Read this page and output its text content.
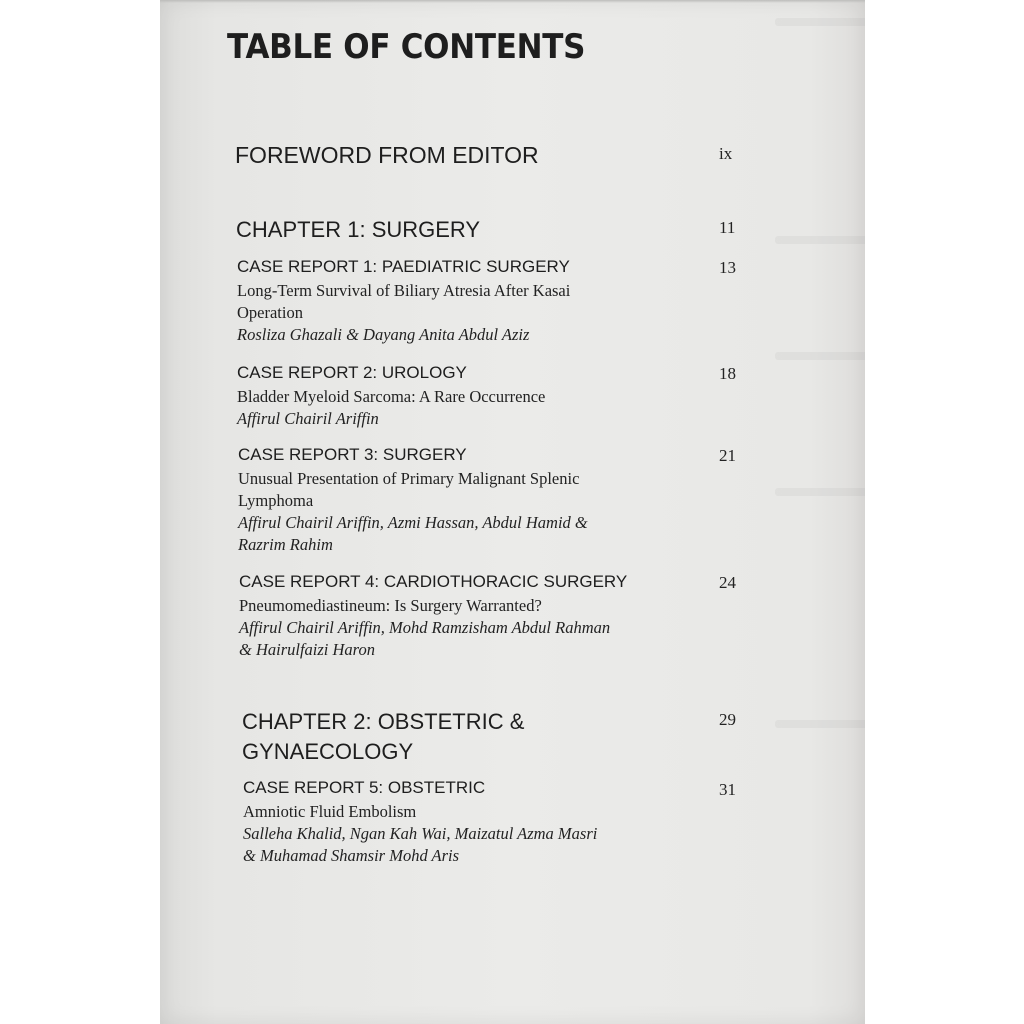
TABLE OF CONTENTS
FOREWORD FROM EDITOR	ix
CHAPTER 1: SURGERY	11
CASE REPORT 1: PAEDIATRIC SURGERY
Long-Term Survival of Biliary Atresia After Kasai
Operation
Rosliza Ghazali & Dayang Anita Abdul Aziz
13
CASE REPORT 2: UROLOGY
Bladder Myeloid Sarcoma: A Rare Occurrence
Affirul Chairil Ariffin
18
CASE REPORT 3: SURGERY
Unusual Presentation of Primary Malignant Splenic
Lymphoma
Affirul Chairil Ariffin, Azmi Hassan, Abdul Hamid &
Razrim Rahim
21
CASE REPORT 4: CARDIOTHORACIC SURGERY
Pneumomediastineum: Is Surgery Warranted?
Affirul Chairil Ariffin, Mohd Ramzisham Abdul Rahman
& Hairulfaizi Haron
24
CHAPTER 2: OBSTETRIC &
GYNAECOLOGY
29
CASE REPORT 5: OBSTETRIC
Amniotic Fluid Embolism
Salleha Khalid, Ngan Kah Wai, Maizatul Azma Masri
& Muhamad Shamsir Mohd Aris
31
